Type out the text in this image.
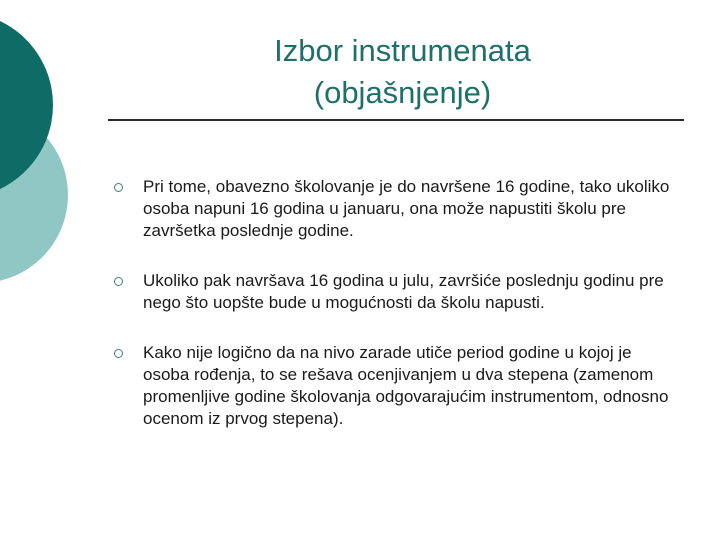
Izbor instrumenata
(objašnjenje)
Pri tome, obavezno školovanje je do navršene 16 godine, tako ukoliko osoba napuni 16 godina u januaru, ona može napustiti školu pre završetka poslednje godine.
Ukoliko pak navršava 16 godina u julu, završiće poslednju godinu pre nego što uopšte bude u mogućnosti da školu napusti.
Kako nije logično da na nivo zarade utiče period godine u kojoj je osoba rođenja, to se rešava ocenjivanjem u dva stepena (zamenom promenljive godine školovanja odgovarajućim instrumentom, odnosno ocenom iz prvog stepena).
